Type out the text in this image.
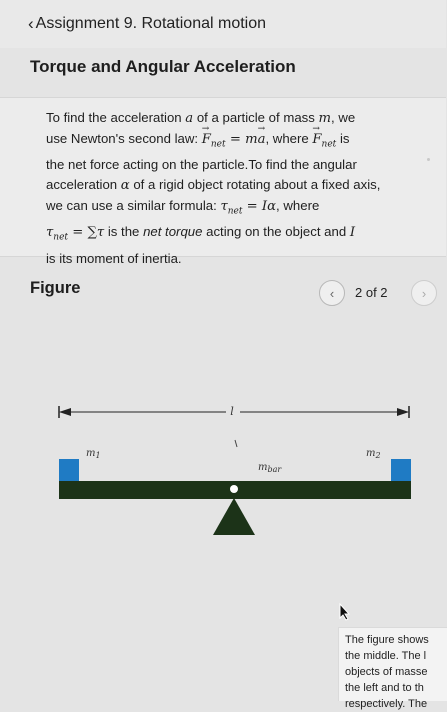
‹ Assignment 9. Rotational motion
Torque and Angular Acceleration
To find the acceleration a of a particle of mass m, we
use Newton's second law: → $F_{net} = m\to a$, where → $F_{net}$ is
the net force acting on the particle.To find the angular
acceleration α of a rigid object rotating about a fixed axis,
we can use a similar formula: $\tau_{net} = I\alpha$, where
$\tau_{net} = \sum\tau$ is the net torque acting on the object and I
is its moment of inertia.
Figure	‹ 2 of 2	›
l
$m_1$
$m_{bar}$
$m_2$
The figure shows
the middle. The l
objects of masse
the left and to th
respectively. The
